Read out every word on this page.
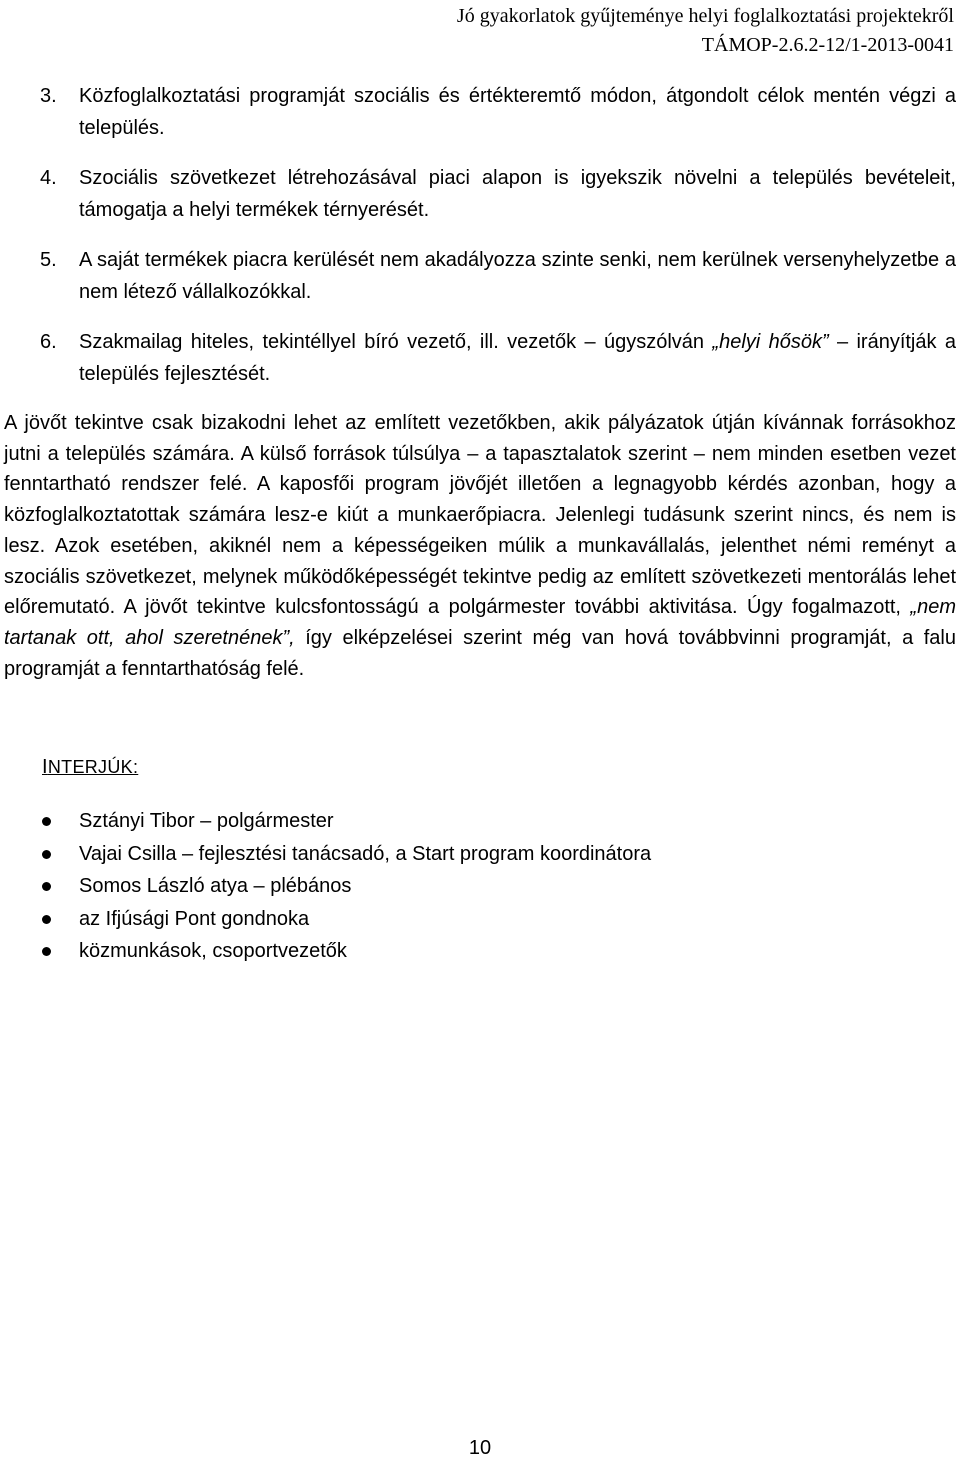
Jó gyakorlatok gyűjteménye helyi foglalkoztatási projektekről
TÁMOP-2.6.2-12/1-2013-0041
3. Közfoglalkoztatási programját szociális és értékteremtő módon, átgondolt célok mentén végzi a település.
4. Szociális szövetkezet létrehozásával piaci alapon is igyekszik növelni a település bevételeit, támogatja a helyi termékek térnyerését.
5. A saját termékek piacra kerülését nem akadályozza szinte senki, nem kerülnek versenyhelyzetbe a nem létező vállalkozókkal.
6. Szakmailag hiteles, tekintéllyel bíró vezető, ill. vezetők – úgyszólván „helyi hősök” – irányítják a település fejlesztését.

A jövőt tekintve csak bizakodni lehet az említett vezetőkben, akik pályázatok útján kívánnak forrásokhoz jutni a település számára. A külső források túlsúlya – a tapasztalatok szerint – nem minden esetben vezet fenntartható rendszer felé. A kaposfői program jövőjét illetően a legnagyobb kérdés azonban, hogy a közfoglalkoztatottak számára lesz-e kiút a munkaerőpiacra. Jelenlegi tudásunk szerint nincs, és nem is lesz. Azok esetében, akiknél nem a képességeiken múlik a munkavállalás, jelenthet némi reményt a szociális szövetkezet, melynek működőképességét tekintve pedig az említett szövetkezeti mentorálás lehet előremutató. A jövőt tekintve kulcsfontosságú a polgármester további aktivitása. Úgy fogalmazott, „nem tartanak ott, ahol szeretnének”, így elképzelései szerint még van hová továbbvinni programját, a falu programját a fenntarthatóság felé.

INTERJÚK:
Sztányi Tibor – polgármester
Vajai Csilla – fejlesztési tanácsadó, a Start program koordinátora
Somos László atya – plébános
az Ifjúsági Pont gondnoka
közmunkások, csoportvezetők
10
